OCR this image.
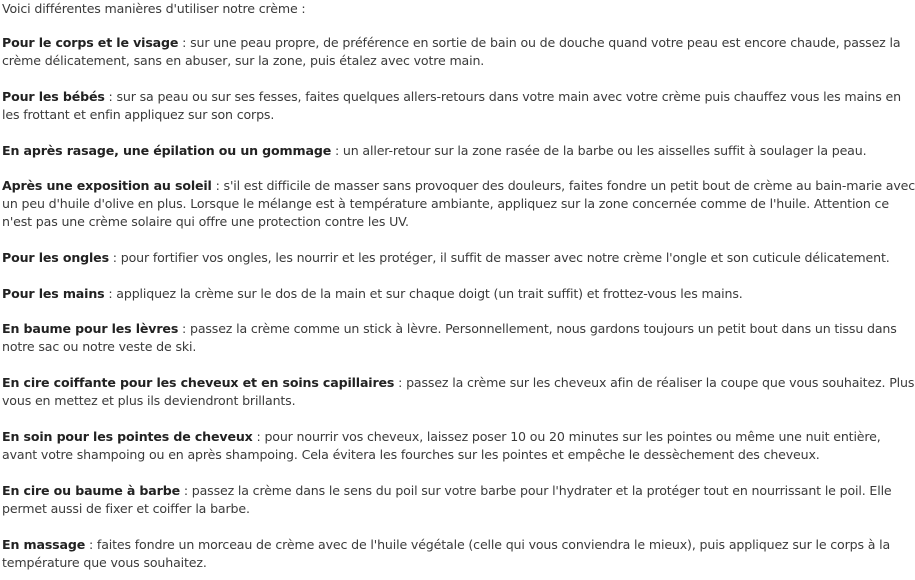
Voici différentes manières d'utiliser notre crème :

Pour le corps et le visage : sur une peau propre, de préférence en sortie de bain ou de douche quand votre peau est encore chaude, passez la
crème délicatement, sans en abuser, sur la zone, puis étalez avec votre main.

Pour les bébés : sur sa peau ou sur ses fesses, faites quelques allers-retours dans votre main avec votre crème puis chauffez vous les mains en
les frottant et enfin appliquez sur son corps.

En après rasage, une épilation ou un gommage : un aller-retour sur la zone rasée de la barbe ou les aisselles suffit à soulager la peau.

Après une exposition au soleil : s'il est difficile de masser sans provoquer des douleurs, faites fondre un petit bout de crème au bain-marie avec
un peu d'huile d'olive en plus. Lorsque le mélange est à température ambiante, appliquez sur la zone concernée comme de l'huile. Attention ce
n'est pas une crème solaire qui offre une protection contre les UV.

Pour les ongles : pour fortifier vos ongles, les nourrir et les protéger, il suffit de masser avec notre crème l'ongle et son cuticule délicatement.

Pour les mains : appliquez la crème sur le dos de la main et sur chaque doigt (un trait suffit) et frottez-vous les mains.

En baume pour les lèvres : passez la crème comme un stick à lèvre. Personnellement, nous gardons toujours un petit bout dans un tissu dans
notre sac ou notre veste de ski.

En cire coiffante pour les cheveux et en soins capillaires : passez la crème sur les cheveux afin de réaliser la coupe que vous souhaitez. Plus
vous en mettez et plus ils deviendront brillants.

En soin pour les pointes de cheveux : pour nourrir vos cheveux, laissez poser 10 ou 20 minutes sur les pointes ou même une nuit entière,
avant votre shampoing ou en après shampoing. Cela évitera les fourches sur les pointes et empêche le dessèchement des cheveux.

En cire ou baume à barbe : passez la crème dans le sens du poil sur votre barbe pour l'hydrater et la protéger tout en nourrissant le poil. Elle
permet aussi de fixer et coiffer la barbe.

En massage : faites fondre un morceau de crème avec de l'huile végétale (celle qui vous conviendra le mieux), puis appliquez sur le corps à la
température que vous souhaitez.
